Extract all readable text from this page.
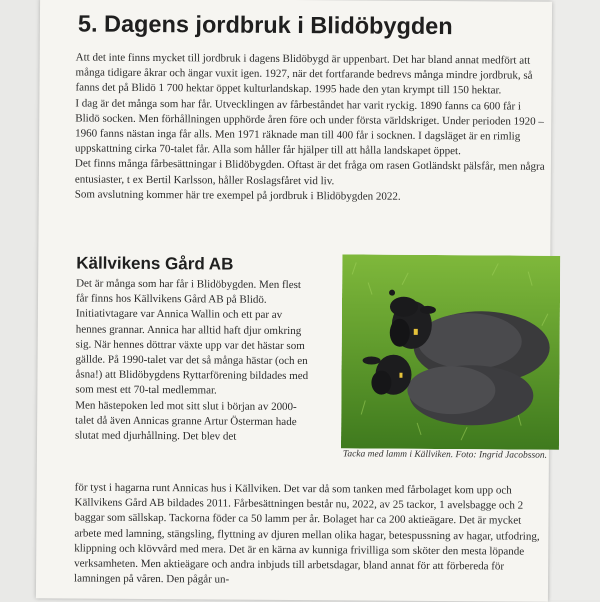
5. Dagens jordbruk i Blidöbygden

Att det inte finns mycket till jordbruk i dagens Blidöbygd är uppenbart. Det har bland annat medfört att många tidigare åkrar och ängar vuxit igen. 1927, när det fortfarande bedrevs många mindre jordbruk, så fanns det på Blidö 1 700 hektar öppet kulturlandskap. 1995 hade den ytan krympt till 150 hektar.

I dag är det många som har får. Utvecklingen av fårbeståndet har varit ryckig. 1890 fanns ca 600 får i Blidö socken. Men förhållningen upphörde åren före och under första världskriget. Under perioden 1920 – 1960 fanns nästan inga får alls. Men 1971 räknade man till 400 får i socknen. I dagsläget är en rimlig uppskattning cirka 70-talet får. Alla som håller får hjälper till att hålla landskapet öppet.

Det finns många fårbesättningar i Blidöbygden. Oftast är det fråga om rasen Gotländskt pälsfår, men några entusiaster, t ex Bertil Karlsson, håller Roslagsfåret vid liv.

Som avslutning kommer här tre exempel på jordbruk i Blidöbygden 2022.

Källvikens Gård AB

Det är många som har får i Blidöbygden. Men flest får finns hos Källvikens Gård AB på Blidö. Initiativtagare var Annica Wallin och ett par av hennes grannar. Annica har alltid haft djur omkring sig. När hennes döttrar växte upp var det hästar som gällde. På 1990-talet var det så många hästar (och en åsna!) att Blidöbygdens Ryttarförening bildades med som mest ett 70-tal medlemmar.

Men hästepoken led mot sitt slut i början av 2000-talet då även Annicas granne Artur Österman hade slutat med djurhållning. Det blev det

Tacka med lamm i Källviken. Foto: Ingrid Jacobsson.

för tyst i hagarna runt Annicas hus i Källviken. Det var då som tanken med fårbolaget kom upp och Källvikens Gård AB bildades 2011. Fårbesättningen består nu, 2022, av 25 tackor, 1 avelsbagge och 2 baggar som sällskap. Tackorna föder ca 50 lamm per år. Bolaget har ca 200 aktieägare. Det är mycket arbete med lamning, stängsling, flyttning av djuren mellan olika hagar, betespussning av hagar, utfodring, klippning och klövvård med mera. Det är en kärna av kunniga frivilliga som sköter den mesta löpande verksamheten. Men aktieägare och andra inbjuds till arbetsdagar, bland annat för att förbereda för lamningen på våren. Den pågår un-
